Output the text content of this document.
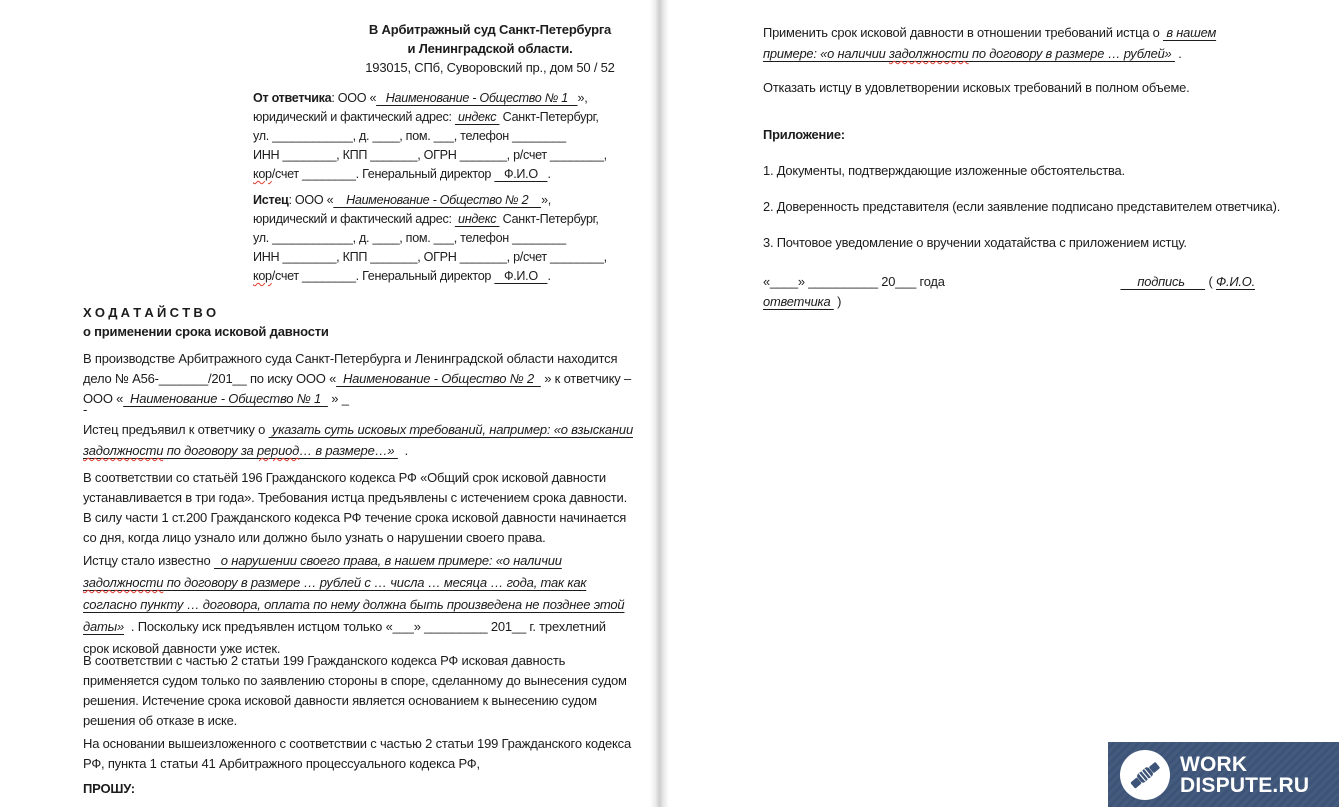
В Арбитражный суд Санкт-Петербурга
и Ленинградской области.
193015, СПб, Суворовский пр., дом 50 / 52
От ответчика: ООО «   Наименование - Общество № 1   »,
юридический и фактический адрес:  индекс  Санкт-Петербург,
ул. ____________, д. ____, пом. ___, телефон ________
ИНН ________, КПП _______, ОГРН _______, р/счет ________,
кор/счет ________. Генеральный директор    Ф.И.О   .
Истец: ООО «    Наименование - Общество № 2    »,
юридический и фактический адрес:  индекс  Санкт-Петербург,
ул. ____________, д. ____, пом. ___, телефон ________
ИНН ________, КПП _______, ОГРН _______, р/счет ________,
кор/счет ________. Генеральный директор    Ф.И.О   .
Х О Д А Т А Й С Т В О
о применении срока исковой давности
В производстве Арбитражного суда Санкт-Петербурга и Ленинградской области находится дело № А56-_______/201__ по иску ООО «  Наименование - Общество № 2   » к ответчику – ООО «  Наименование - Общество № 1   » _
-
Истец предъявил к ответчику о  указать суть исковых требований, например: «о взыскании задолжности по договору за pериод… в размере…»   .
В соответствии со статьёй 196 Гражданского кодекса РФ «Общий срок исковой давности устанавливается в три года». Требования истца предъявлены с истечением срока давности. В силу части 1 ст.200 Гражданского кодекса РФ течение срока исковой давности начинается со дня, когда лицо узнало или должно было узнать о нарушении своего права.
Истцу стало известно   о нарушении своего права, в нашем примере: «о наличии задолжности по договору в размере … рублей с … числа … месяца … года, так как согласно пункту … договора, оплата по нему должна быть произведена не позднее этой даты»  . Поскольку иск предъявлен истцом только «___» _________ 201__ г. трехлетний срок исковой давности уже истек.
В соответствии с частью 2 статьи 199 Гражданского кодекса РФ исковая давность применяется судом только по заявлению стороны в споре, сделанному до вынесения судом решения. Истечение срока исковой давности является основанием к вынесению судом решения об отказе в иске.
На основании вышеизложенного с соответствии с частью 2 статьи 199 Гражданского кодекса РФ, пункта 1 статьи 41 Арбитражного процессуального кодекса РФ,
ПРОШУ:
Применить срок исковой давности в отношении требований истца о  в нашем примере: «о наличии задолжности по договору в размере … рублей»  .
Отказать истцу в удовлетворении исковых требований в полном объеме.
Приложение:
1. Документы, подтверждающие изложенные обстоятельства.
2. Доверенность представителя (если заявление подписано представителем ответчика).
3. Почтовое уведомление о вручении ходатайства с приложением истцу.
подпись       ( Ф.И.О.
«____» __________ 20___ года
ответчика  )
WORK
DISPUTE.RU
